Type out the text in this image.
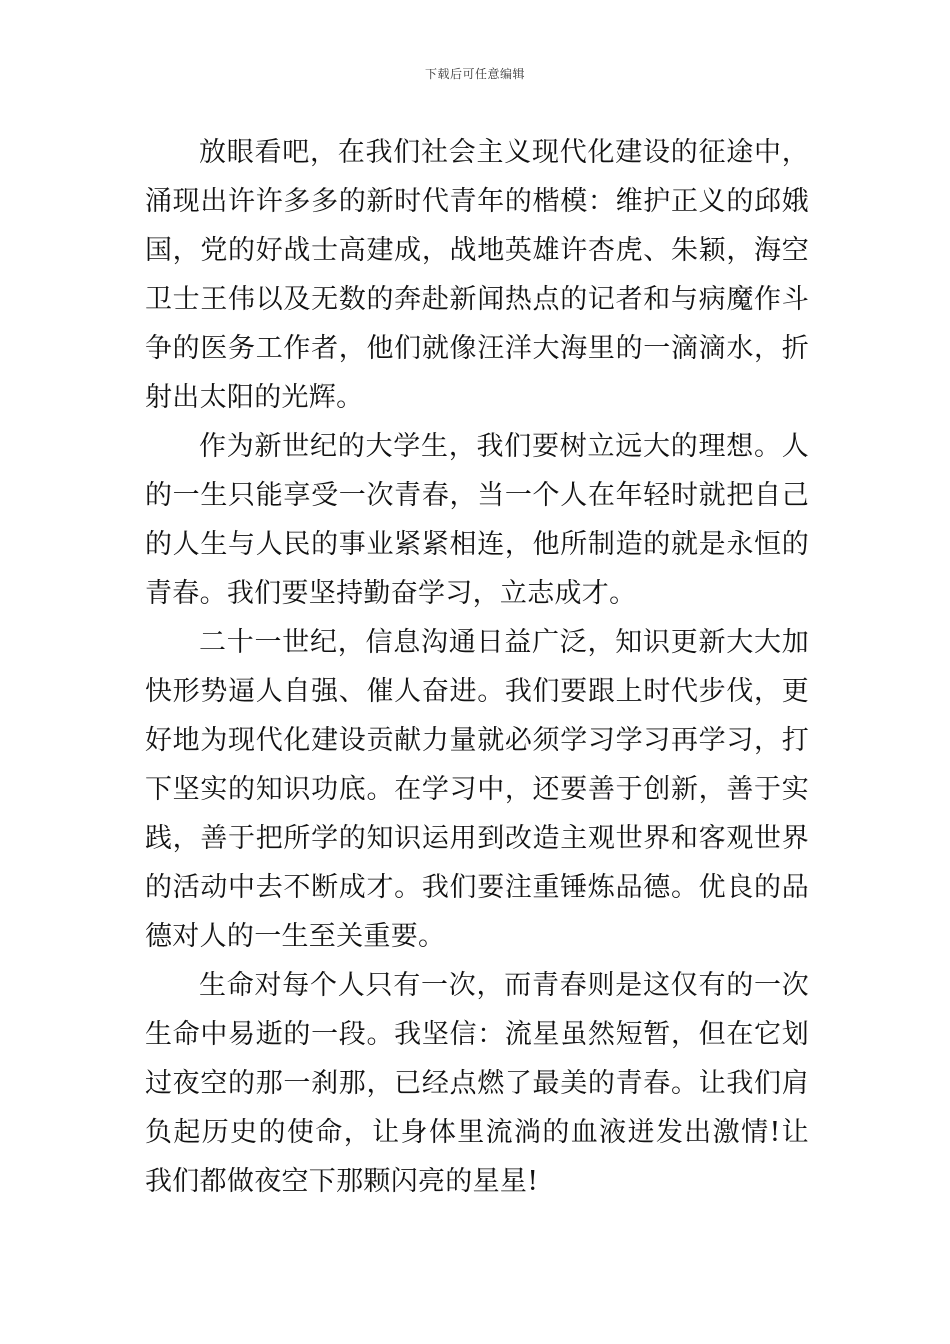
下载后可任意编辑

放眼看吧，在我们社会主义现代化建设的征途中，涌现出许许多多的新时代青年的楷模：维护正义的邱娥国，党的好战士高建成，战地英雄许杏虎、朱颖，海空卫士王伟以及无数的奔赴新闻热点的记者和与病魔作斗争的医务工作者，他们就像汪洋大海里的一滴滴水，折射出太阳的光辉。

作为新世纪的大学生，我们要树立远大的理想。人的一生只能享受一次青春，当一个人在年轻时就把自己的人生与人民的事业紧紧相连，他所制造的就是永恒的青春。我们要坚持勤奋学习，立志成才。

二十一世纪，信息沟通日益广泛，知识更新大大加快形势逼人自强、催人奋进。我们要跟上时代步伐，更好地为现代化建设贡献力量就必须学习学习再学习，打下坚实的知识功底。在学习中，还要善于创新，善于实践，善于把所学的知识运用到改造主观世界和客观世界的活动中去不断成才。我们要注重锤炼品德。优良的品德对人的一生至关重要。

生命对每个人只有一次，而青春则是这仅有的一次生命中易逝的一段。我坚信：流星虽然短暂，但在它划过夜空的那一刹那，已经点燃了最美的青春。让我们肩负起历史的使命，让身体里流淌的血液迸发出激情!让我们都做夜空下那颗闪亮的星星!
